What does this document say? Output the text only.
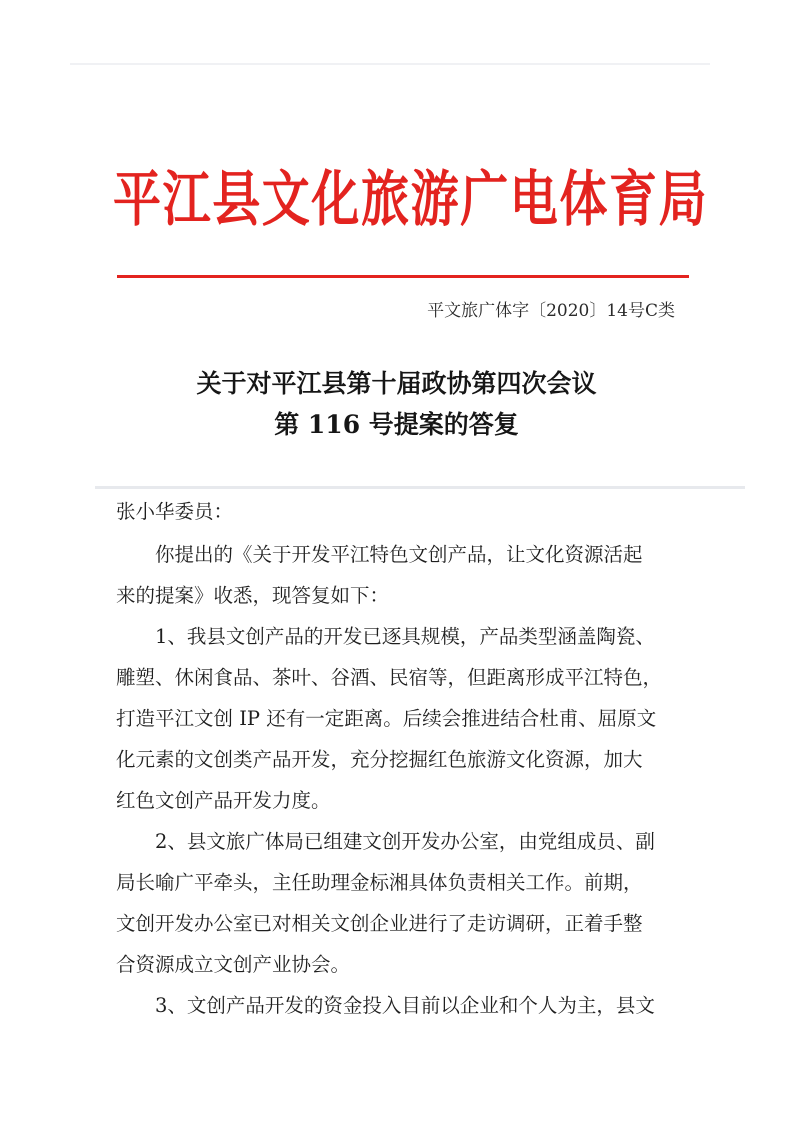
平江县文化旅游广电体育局
平文旅广体字〔2020〕14号C类
关于对平江县第十届政协第四次会议
第 116 号提案的答复
张小华委员：
　　你提出的《关于开发平江特色文创产品，让文化资源活起
来的提案》收悉，现答复如下：
　　1、我县文创产品的开发已逐具规模，产品类型涵盖陶瓷、
雕塑、休闲食品、茶叶、谷酒、民宿等，但距离形成平江特色，
打造平江文创 IP 还有一定距离。后续会推进结合杜甫、屈原文
化元素的文创类产品开发，充分挖掘红色旅游文化资源，加大
红色文创产品开发力度。
　　2、县文旅广体局已组建文创开发办公室，由党组成员、副
局长喻广平牵头，主任助理金标湘具体负责相关工作。前期，
文创开发办公室已对相关文创企业进行了走访调研，正着手整
合资源成立文创产业协会。
　　3、文创产品开发的资金投入目前以企业和个人为主，县文
